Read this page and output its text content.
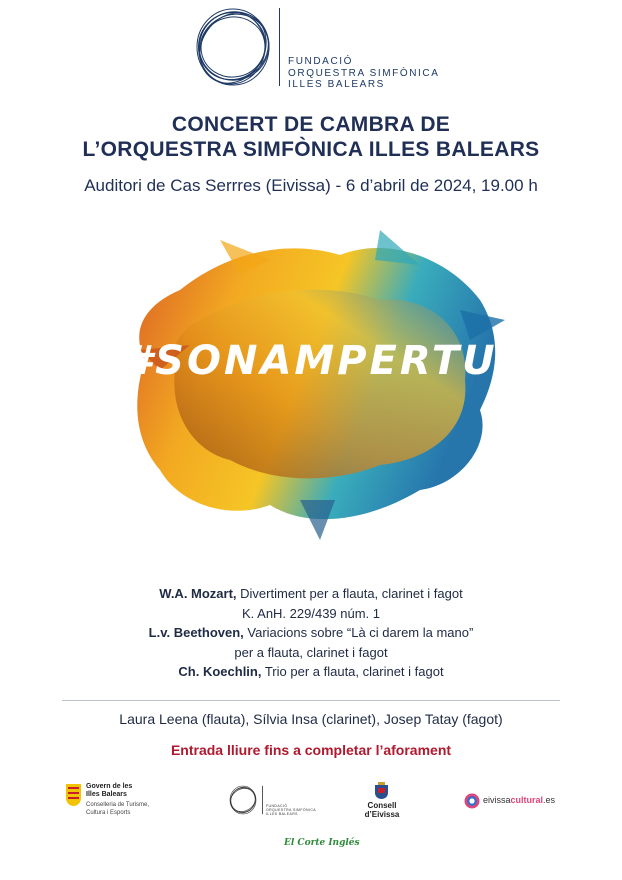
FUNDACIÓ
ORQUESTRA SIMFÒNICA
ILLES BALEARS
CONCERT DE CAMBRA DE
L’ORQUESTRA SIMFÒNICA ILLES BALEARS
Auditori de Cas Serrres (Eivissa) - 6 d’abril de 2024, 19.00 h
#SONAMPERTU
W.A. Mozart, Divertiment per a flauta, clarinet i fagot
K. AnH. 229/439 núm. 1
L.v. Beethoven, Variacions sobre “Là ci darem la mano”
per a flauta, clarinet i fagot
Ch. Koechlin, Trio per a flauta, clarinet i fagot
Laura Leena (flauta), Sílvia Insa (clarinet), Josep Tatay (fagot)
Entrada lliure fins a completar l’aforament
Govern de les
Illes Balears
Conselleria de Turisme,
Cultura i Esports
FUNDACIÓ
ORQUESTRA SIMFÒNICA
ILLES BALEARS
Consell
d’Eivissa
eivissacultural.es
El Corte Inglés
